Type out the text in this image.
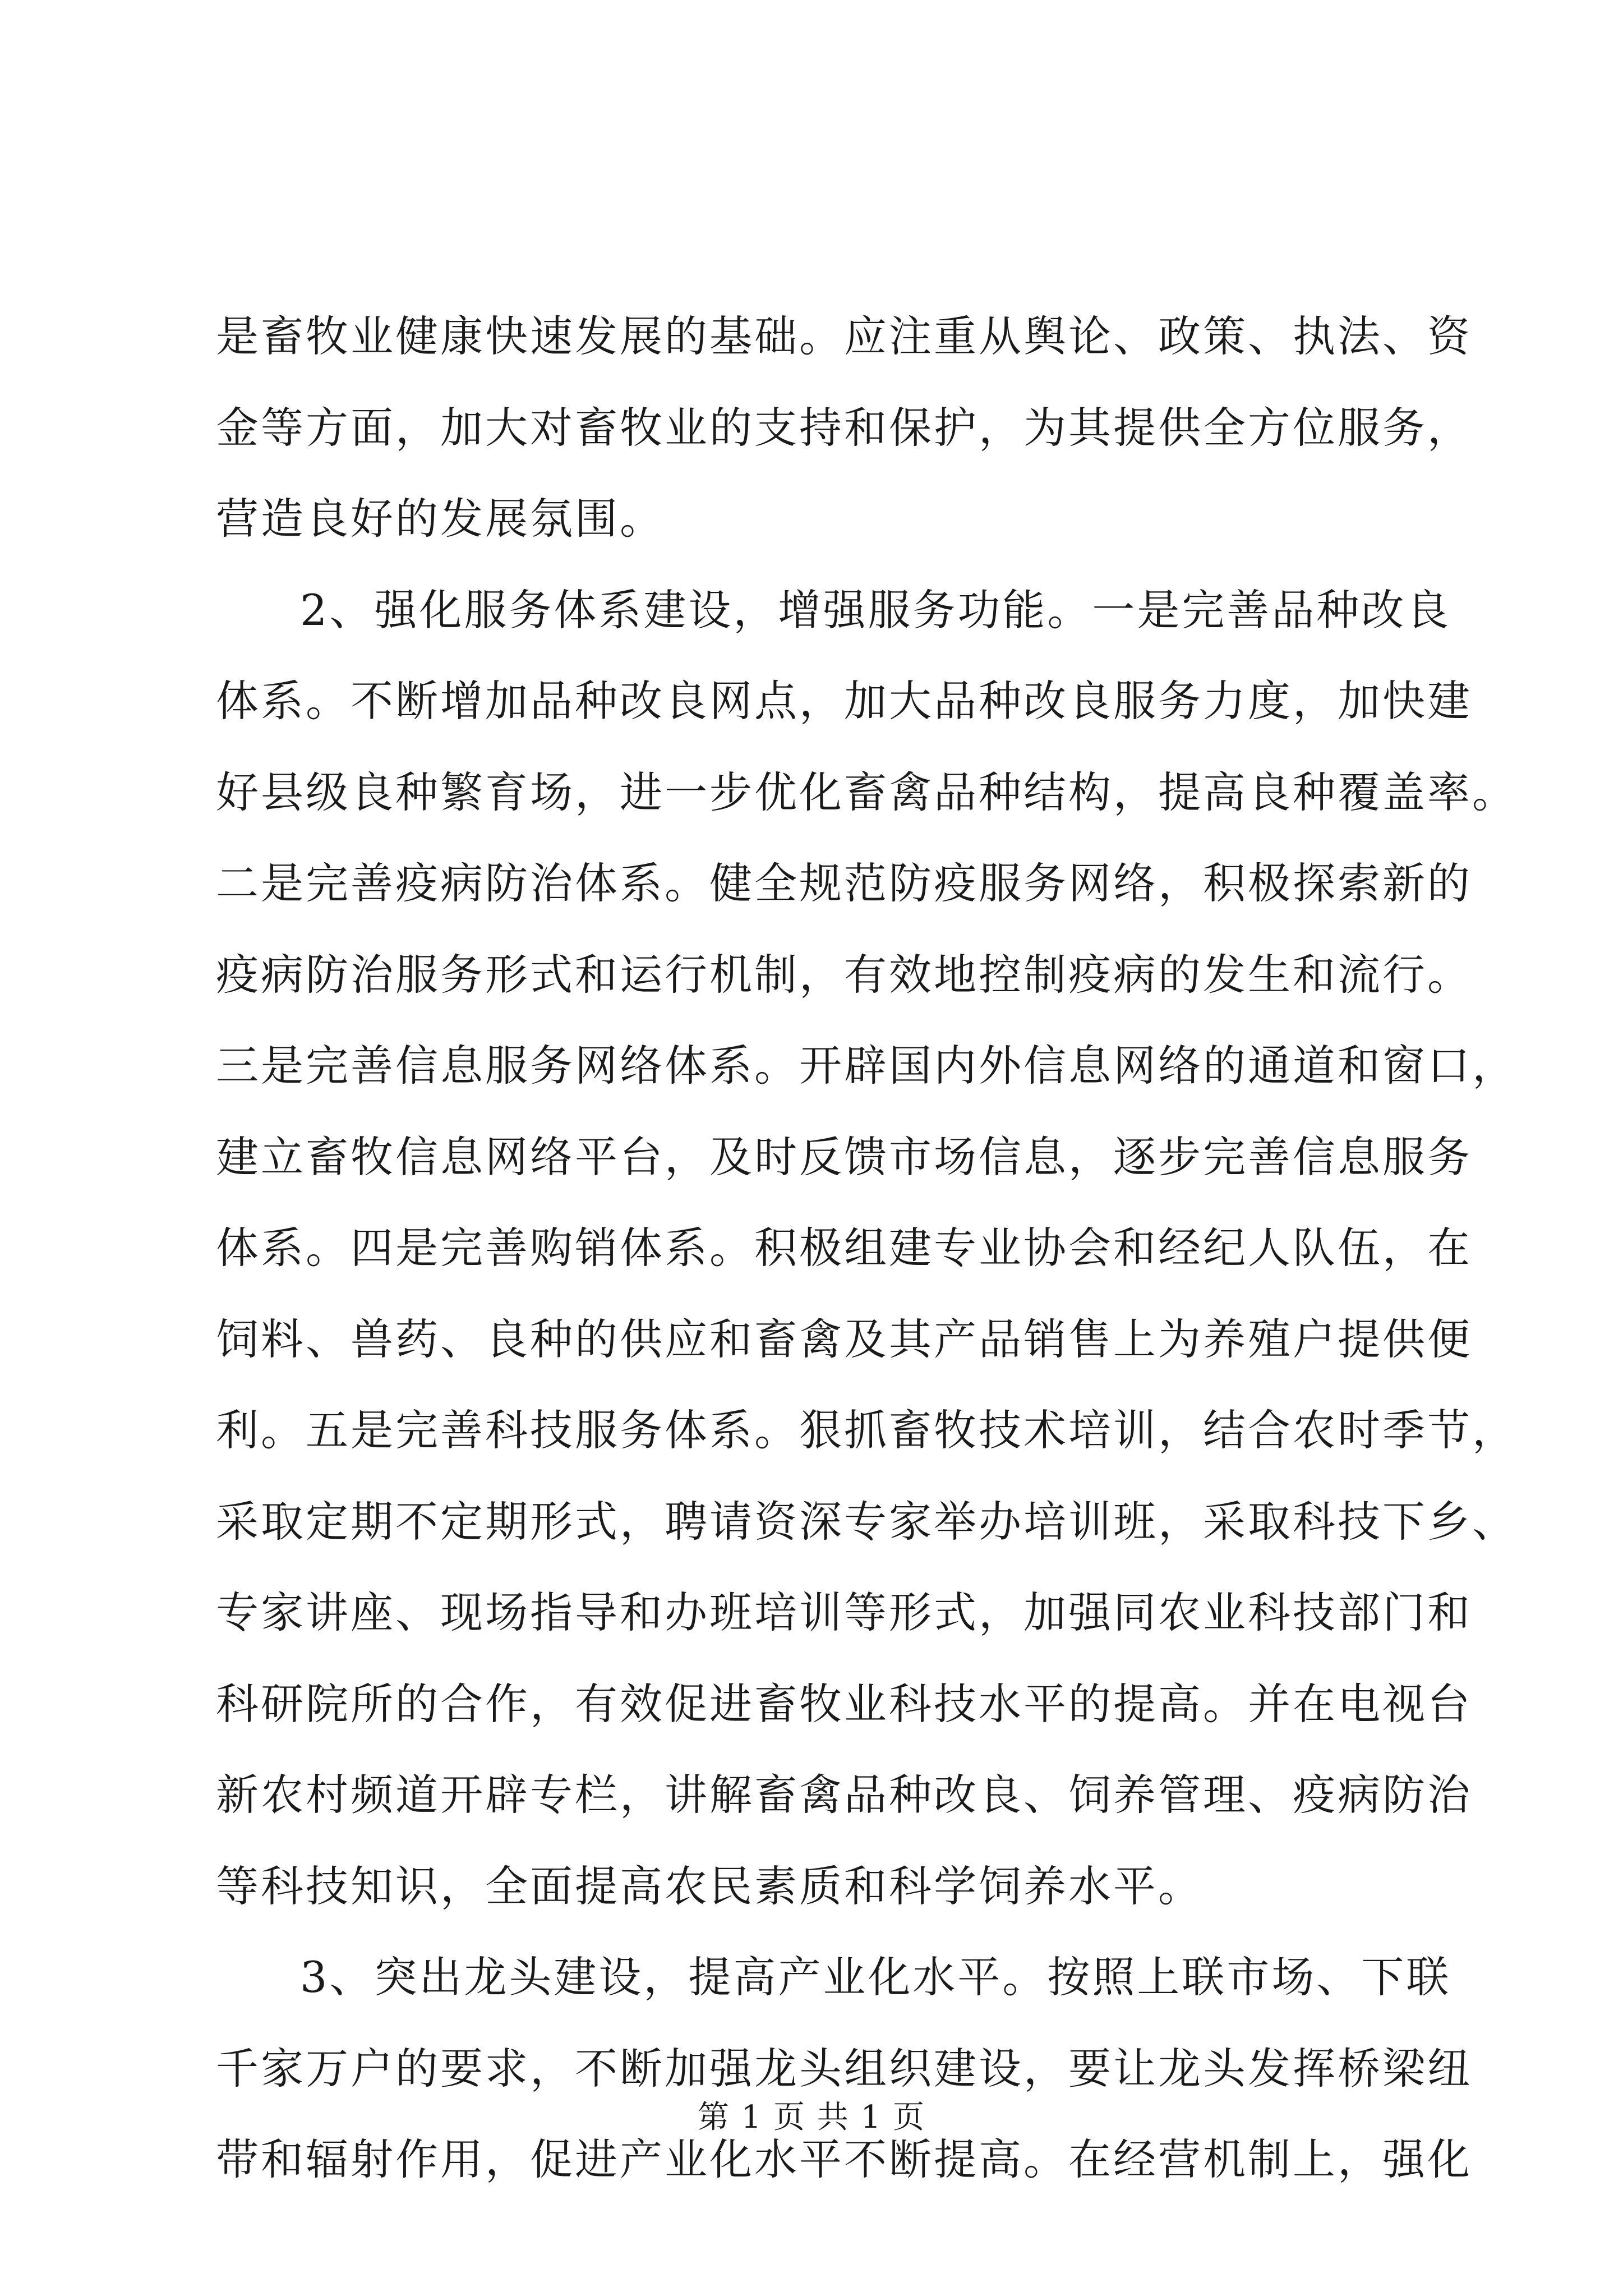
是畜牧业健康快速发展的基础。应注重从舆论、政策、执法、资
金等方面，加大对畜牧业的支持和保护，为其提供全方位服务，
营造良好的发展氛围。
2、强化服务体系建设，增强服务功能。一是完善品种改良
体系。不断增加品种改良网点，加大品种改良服务力度，加快建
好县级良种繁育场，进一步优化畜禽品种结构，提高良种覆盖率。
二是完善疫病防治体系。健全规范防疫服务网络，积极探索新的
疫病防治服务形式和运行机制，有效地控制疫病的发生和流行。
三是完善信息服务网络体系。开辟国内外信息网络的通道和窗口，
建立畜牧信息网络平台，及时反馈市场信息，逐步完善信息服务
体系。四是完善购销体系。积极组建专业协会和经纪人队伍，在
饲料、兽药、良种的供应和畜禽及其产品销售上为养殖户提供便
利。五是完善科技服务体系。狠抓畜牧技术培训，结合农时季节，
采取定期不定期形式，聘请资深专家举办培训班，采取科技下乡、
专家讲座、现场指导和办班培训等形式，加强同农业科技部门和
科研院所的合作，有效促进畜牧业科技水平的提高。并在电视台
新农村频道开辟专栏，讲解畜禽品种改良、饲养管理、疫病防治
等科技知识，全面提高农民素质和科学饲养水平。
3、突出龙头建设，提高产业化水平。按照上联市场、下联
千家万户的要求，不断加强龙头组织建设，要让龙头发挥桥梁纽
带和辐射作用，促进产业化水平不断提高。在经营机制上，强化
第 1 页 共 1 页
